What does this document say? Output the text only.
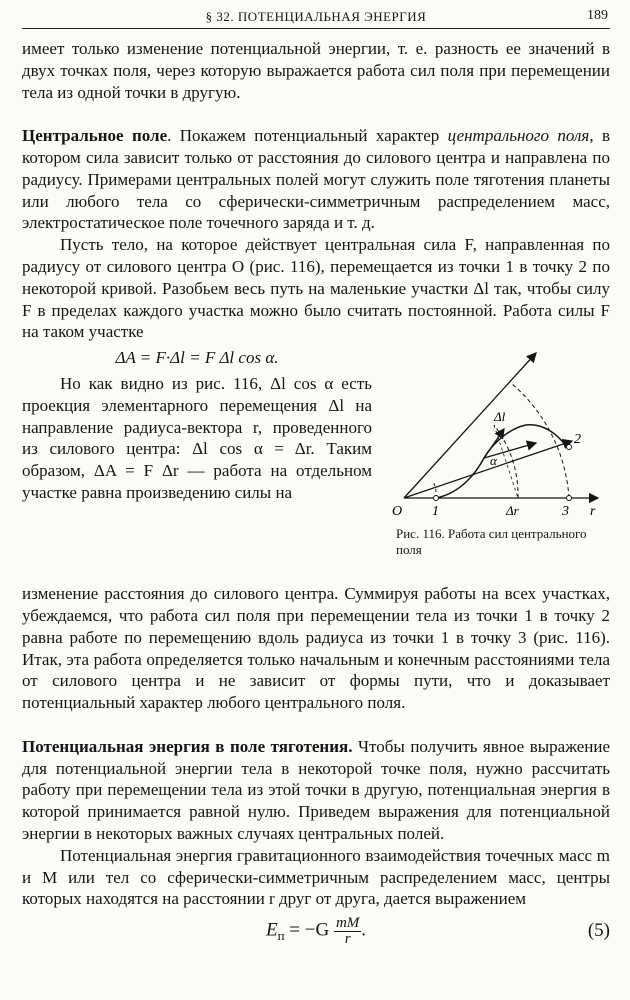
§ 32. ПОТЕНЦИАЛЬНАЯ ЭНЕРГИЯ	189

имеет только изменение потенциальной энергии, т. е. разность ее значений в двух точках поля, через которую выражается работа сил поля при перемещении тела из одной точки в другую.

Центральное поле. Покажем потенциальный характер центрального поля, в котором сила зависит только от расстояния до силового центра и направлена по радиусу. Примерами центральных полей могут служить поле тяготения планеты или любого тела со сферически-симметричным распределением масс, электростатическое поле точечного заряда и т. д.

Пусть тело, на которое действует центральная сила F, направленная по радиусу от силового центра O (рис. 116), перемещается из точки 1 в точку 2 по некоторой кривой. Разобьем весь путь на маленькие участки Δl так, чтобы силу F в пределах каждого участка можно было считать постоянной. Работа силы F на таком участке

O 1	Δr	3 r
2
Δl
α
Рис. 116. Работа сил центрального поля

ΔA = F·Δl = F Δl cos α.

Но как видно из рис. 116, Δl cos α есть проекция элементарного перемещения Δl на направление радиуса-вектора r, проведенного из силового центра: Δl cos α = Δr. Таким образом, ΔA = F Δr — работа на отдельном участке равна произведению силы на

изменение расстояния до силового центра. Суммируя работы на всех участках, убеждаемся, что работа сил поля при перемещении тела из точки 1 в точку 2 равна работе по перемещению вдоль радиуса из точки 1 в точку 3 (рис. 116). Итак, эта работа определяется только начальным и конечным расстояниями тела от силового центра и не зависит от формы пути, что и доказывает потенциальный характер любого центрального поля.

Потенциальная энергия в поле тяготения. Чтобы получить явное выражение для потенциальной энергии тела в некоторой точке поля, нужно рассчитать работу при перемещении тела из этой точки в другую, потенциальная энергия в которой принимается равной нулю. Приведем выражения для потенциальной энергии в некоторых важных случаях центральных полей.

Потенциальная энергия гравитационного взаимодействия точечных масс m и M или тел со сферически-симметричным распределением масс, центры которых находятся на расстоянии r друг от друга, дается выражением

$E_п = -G \frac{mM}{r}$ .	(5)
